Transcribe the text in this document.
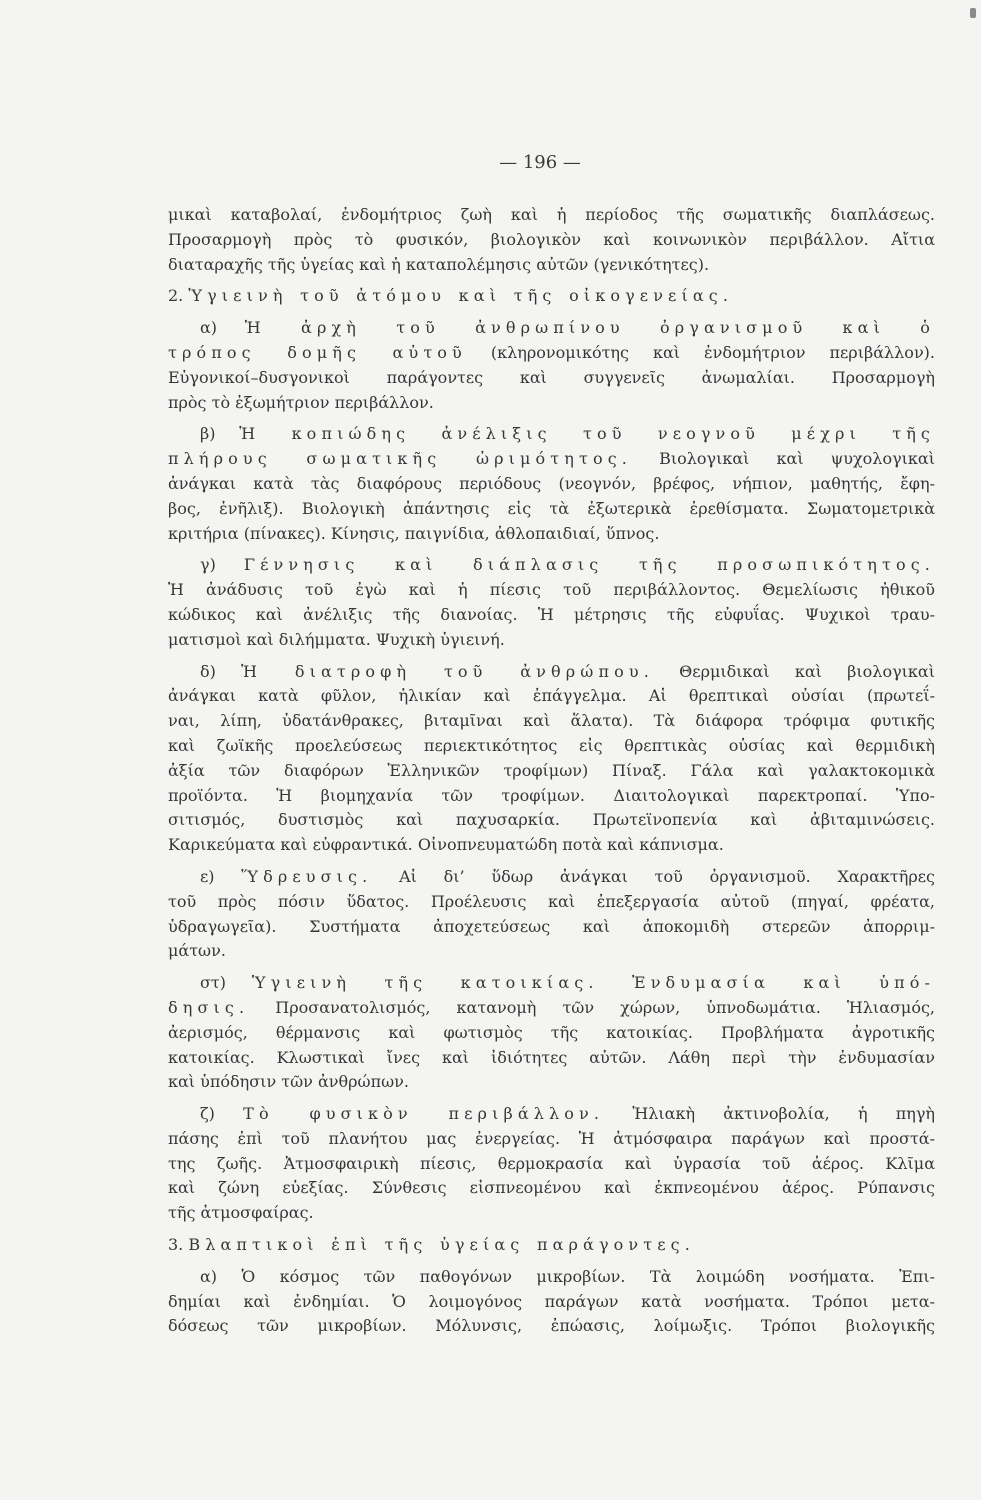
— 196 —
μικαὶ καταβολαί, ἐνδομήτριος ζωὴ καὶ ἡ περίοδος τῆς σωματικῆς διαπλάσεως.
Προσαρμογὴ πρὸς τὸ φυσικόν, βιολογικὸν καὶ κοινωνικὸν περιβάλλον. Αἴτια
διαταραχῆς τῆς ὑγείας καὶ ἡ καταπολέμησις αὐτῶν (γενικότητες).
2. Ὑγιεινὴ τοῦ ἀτόμου καὶ τῆς οἰκογενείας.
α) Ἡ ἀρχὴ τοῦ ἀνθρωπίνου ὀργανισμοῦ καὶ ὁ
τρόπος δομῆς αὐτοῦ (κληρονομικότης καὶ ἐνδομήτριον περιβάλλον).
Εὐγονικοί–δυσγονικοὶ παράγοντες καὶ συγγενεῖς ἀνωμαλίαι. Προσαρμογὴ
πρὸς τὸ ἐξωμήτριον περιβάλλον.
β) Ἡ κοπιώδης ἀνέλιξις τοῦ νεογνοῦ μέχρι τῆς
πλήρους σωματικῆς ὡριμότητος. Βιολογικαὶ καὶ ψυχολογικαὶ
ἀνάγκαι κατὰ τὰς διαφόρους περιόδους (νεογνόν, βρέφος, νήπιον, μαθητής, ἔφη-
βος, ἐνῆλιξ). Βιολογικὴ ἀπάντησις εἰς τὰ ἐξωτερικὰ ἐρεθίσματα. Σωματομετρικὰ
κριτήρια (πίνακες). Κίνησις, παιγνίδια, ἀθλοπαιδιαί, ὕπνος.
γ) Γέννησις καὶ διάπλασις τῆς προσωπικότητος.
Ἡ ἀνάδυσις τοῦ ἐγὼ καὶ ἡ πίεσις τοῦ περιβάλλοντος. Θεμελίωσις ἠθικοῦ
κώδικος καὶ ἀνέλιξις τῆς διανοίας. Ἡ μέτρησις τῆς εὐφυΐας. Ψυχικοὶ τραυ-
ματισμοὶ καὶ διλήμματα. Ψυχικὴ ὑγιεινή.
δ) Ἡ διατροφὴ τοῦ ἀνθρώπου. Θερμιδικαὶ καὶ βιολογικαὶ
ἀνάγκαι κατὰ φῦλον, ἡλικίαν καὶ ἐπάγγελμα. Αἱ θρεπτικαὶ οὐσίαι (πρωτεΐ-
ναι, λίπη, ὑδατάνθρακες, βιταμῖναι καὶ ἅλατα). Τὰ διάφορα τρόφιμα φυτικῆς
καὶ ζωϊκῆς προελεύσεως περιεκτικότητος εἰς θρεπτικὰς οὐσίας καὶ θερμιδικὴ
ἀξία τῶν διαφόρων Ἑλληνικῶν τροφίμων) Πίναξ. Γάλα καὶ γαλακτοκομικὰ
προϊόντα. Ἡ βιομηχανία τῶν τροφίμων. Διαιτολογικαὶ παρεκτροπαί. Ὑπο-
σιτισμός, δυστισμὸς καὶ παχυσαρκία. Πρωτεϊνοπενία καὶ ἀβιταμινώσεις.
Καρικεύματα καὶ εὐφραντικά. Οἰνοπνευματώδη ποτὰ καὶ κάπνισμα.
ε) Ὕδρευσις. Αἱ δι’ ὕδωρ ἀνάγκαι τοῦ ὀργανισμοῦ. Χαρακτῆρες
τοῦ πρὸς πόσιν ὕδατος. Προέλευσις καὶ ἐπεξεργασία αὐτοῦ (πηγαί, φρέατα,
ὑδραγωγεῖα). Συστήματα ἀποχετεύσεως καὶ ἀποκομιδὴ στερεῶν ἀπορριμ-
μάτων.
στ) Ὑγιεινὴ τῆς κατοικίας. Ἐνδυμασία καὶ ὑπό-
δησις. Προσανατολισμός, κατανομὴ τῶν χώρων, ὑπνοδωμάτια. Ἡλιασμός,
ἀερισμός, θέρμανσις καὶ φωτισμὸς τῆς κατοικίας. Προβλήματα ἀγροτικῆς
κατοικίας. Κλωστικαὶ ἴνες καὶ ἰδιότητες αὐτῶν. Λάθη περὶ τὴν ἐνδυμασίαν
καὶ ὑπόδησιν τῶν ἀνθρώπων.
ζ) Τὸ φυσικὸν περιβάλλον. Ἡλιακὴ ἀκτινοβολία, ἡ πηγὴ
πάσης ἐπὶ τοῦ πλανήτου μας ἐνεργείας. Ἡ ἀτμόσφαιρα παράγων καὶ προστά-
της ζωῆς. Ἀτμοσφαιρικὴ πίεσις, θερμοκρασία καὶ ὑγρασία τοῦ ἀέρος. Κλῖμα
καὶ ζώνη εὐεξίας. Σύνθεσις εἰσπνεομένου καὶ ἐκπνεομένου ἀέρος. Ρύπανσις
τῆς ἀτμοσφαίρας.
3. Βλαπτικοὶ ἐπὶ τῆς ὑγείας παράγοντες.
α) Ὁ κόσμος τῶν παθογόνων μικροβίων. Τὰ λοιμώδη νοσήματα. Ἐπι-
δημίαι καὶ ἐνδημίαι. Ὁ λοιμογόνος παράγων κατὰ νοσήματα. Τρόποι μετα-
δόσεως τῶν μικροβίων. Μόλυνσις, ἐπώασις, λοίμωξις. Τρόποι βιολογικῆς
